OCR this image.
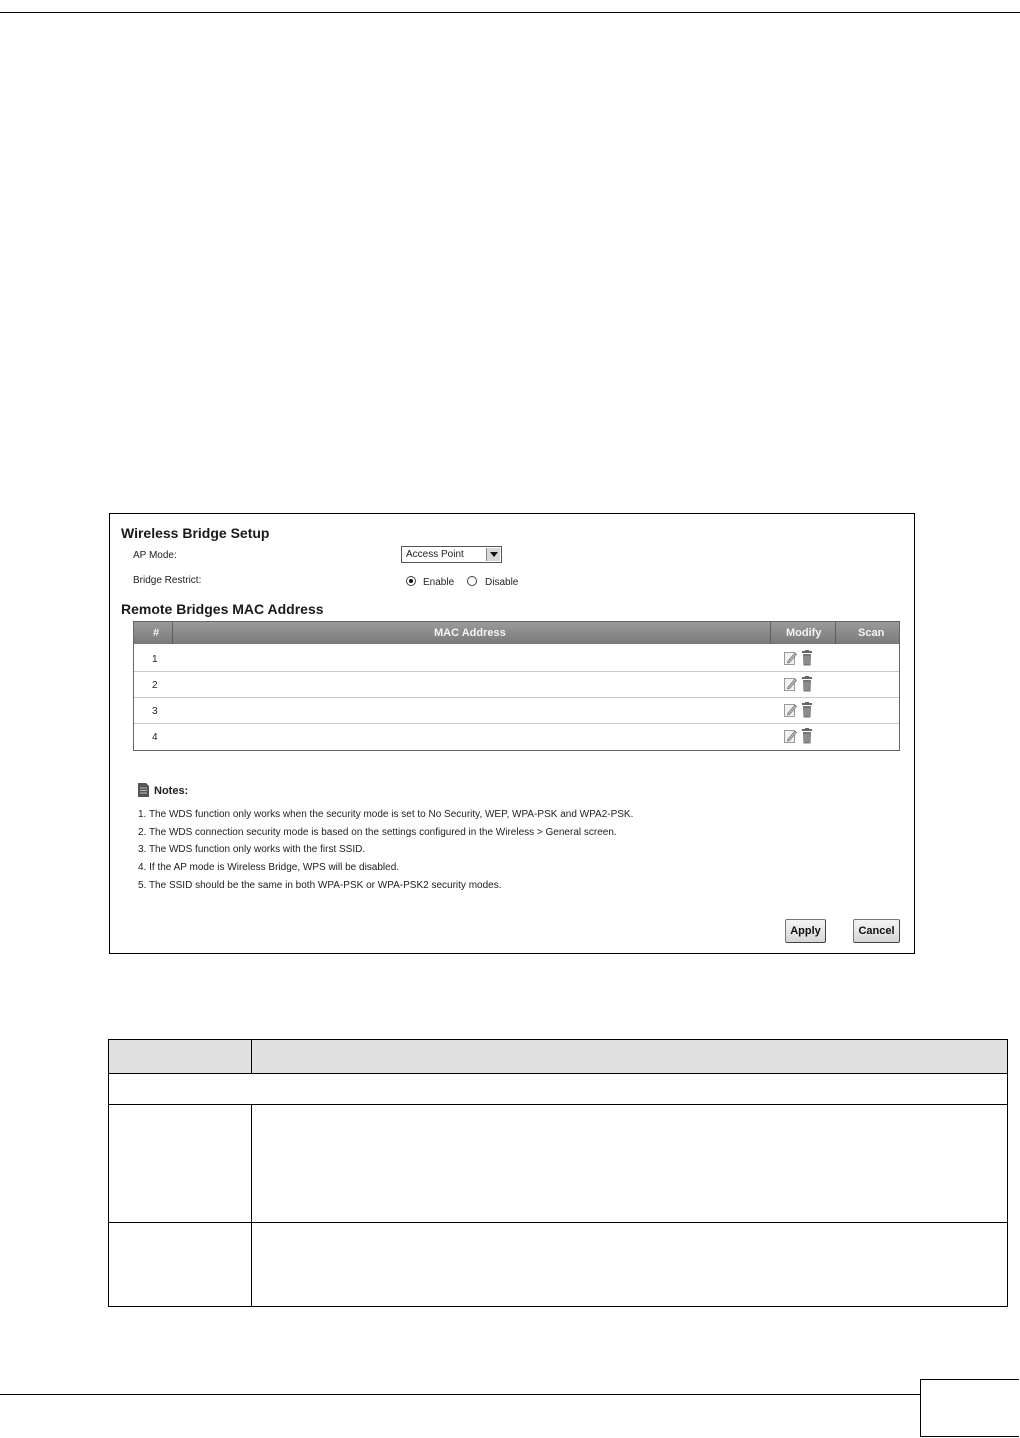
Wireless Bridge Setup
AP Mode:	Access Point
Bridge Restrict:	Enable	Disable
Remote Bridges MAC Address
#	MAC Address	Modify	Scan
1
2
3
4
Notes:
1. The WDS function only works when the security mode is set to No Security, WEP, WPA-PSK and WPA2-PSK.
2. The WDS connection security mode is based on the settings configured in the Wireless > General screen.
3. The WDS function only works with the first SSID.
4. If the AP mode is Wireless Bridge, WPS will be disabled.
5. The SSID should be the same in both WPA-PSK or WPA-PSK2 security modes.
Apply	Cancel
